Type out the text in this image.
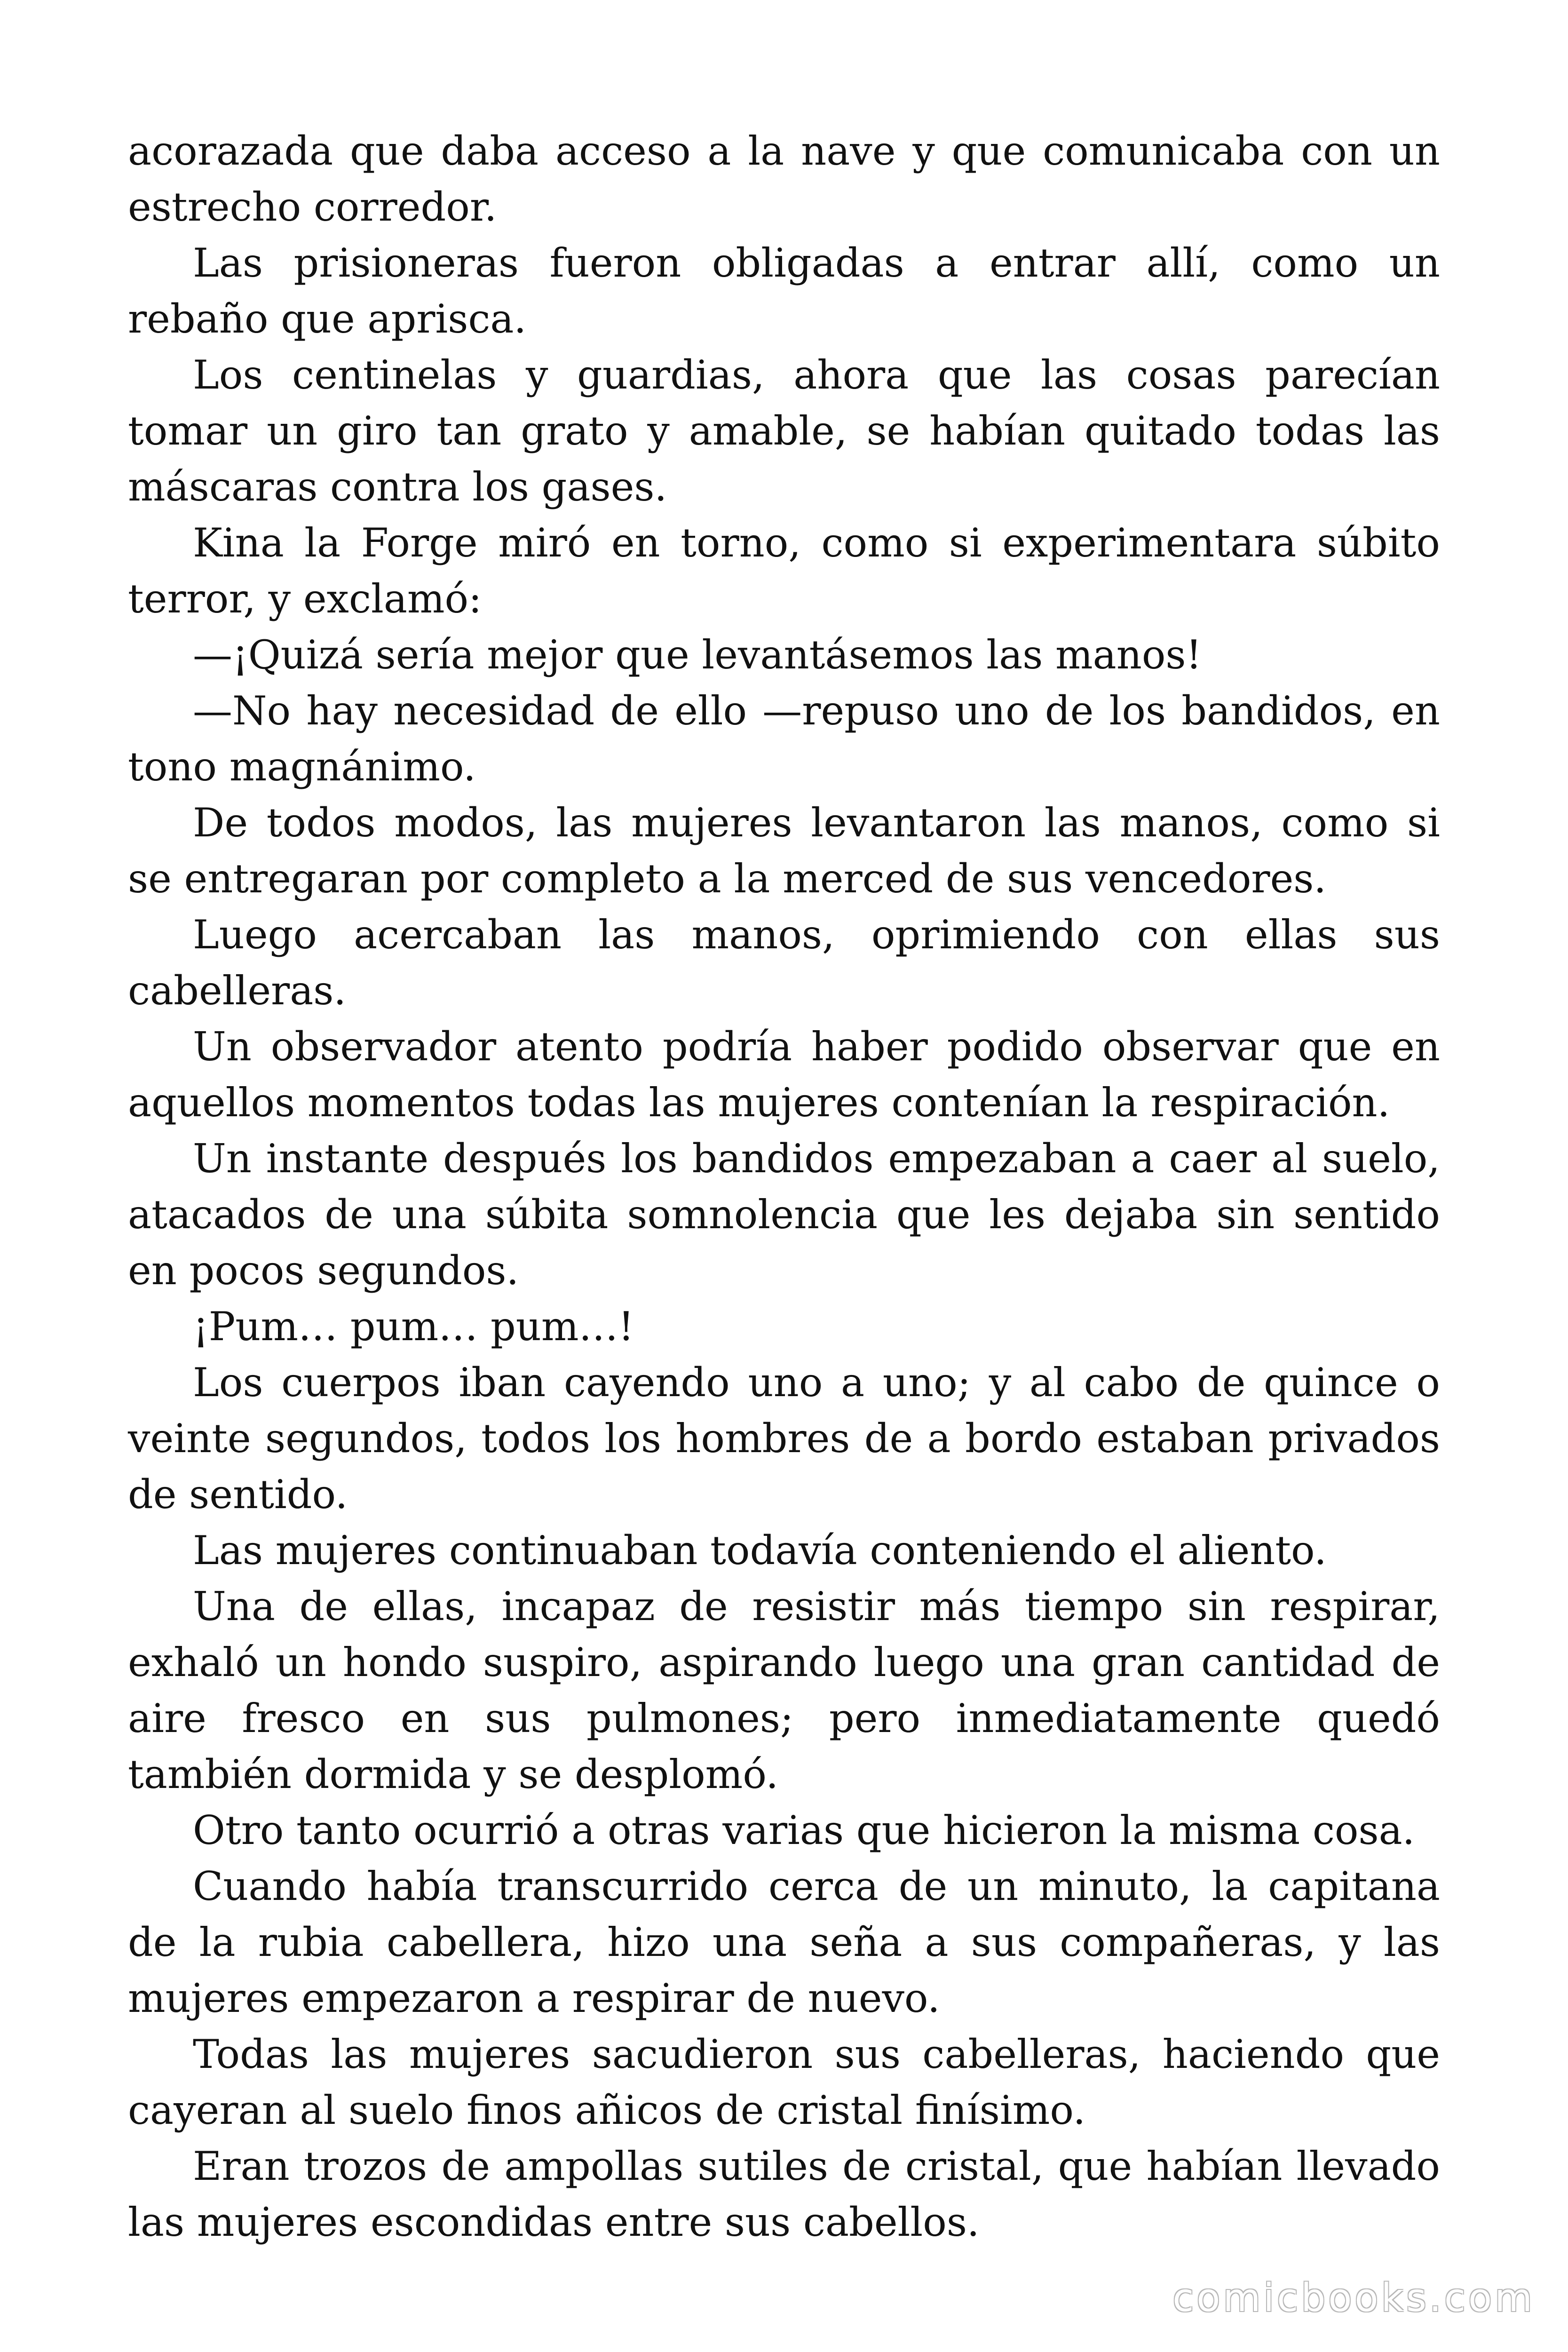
acorazada que daba acceso a la nave y que comunicaba con un estrecho corredor.

Las prisioneras fueron obligadas a entrar allí, como un rebaño que aprisca.

Los centinelas y guardias, ahora que las cosas parecían tomar un giro tan grato y amable, se habían quitado todas las máscaras contra los gases.

Kina la Forge miró en torno, como si experimentara súbito terror, y exclamó:

—¡Quizá sería mejor que levantásemos las manos!

—No hay necesidad de ello —repuso uno de los bandidos, en tono magnánimo.

De todos modos, las mujeres levantaron las manos, como si se entregaran por completo a la merced de sus vencedores.

Luego acercaban las manos, oprimiendo con ellas sus cabelleras.

Un observador atento podría haber podido observar que en aquellos momentos todas las mujeres contenían la respiración.

Un instante después los bandidos empezaban a caer al suelo, atacados de una súbita somnolencia que les dejaba sin sentido en pocos segundos.

¡Pum… pum… pum…!

Los cuerpos iban cayendo uno a uno; y al cabo de quince o veinte segundos, todos los hombres de a bordo estaban privados de sentido.

Las mujeres continuaban todavía conteniendo el aliento.

Una de ellas, incapaz de resistir más tiempo sin respirar, exhaló un hondo suspiro, aspirando luego una gran cantidad de aire fresco en sus pulmones; pero inmediatamente quedó también dormida y se desplomó.

Otro tanto ocurrió a otras varias que hicieron la misma cosa.

Cuando había transcurrido cerca de un minuto, la capitana de la rubia cabellera, hizo una seña a sus compañeras, y las mujeres empezaron a respirar de nuevo.

Todas las mujeres sacudieron sus cabelleras, haciendo que cayeran al suelo finos añicos de cristal finísimo.

Eran trozos de ampollas sutiles de cristal, que habían llevado las mujeres escondidas entre sus cabellos.

comicbooks.com
